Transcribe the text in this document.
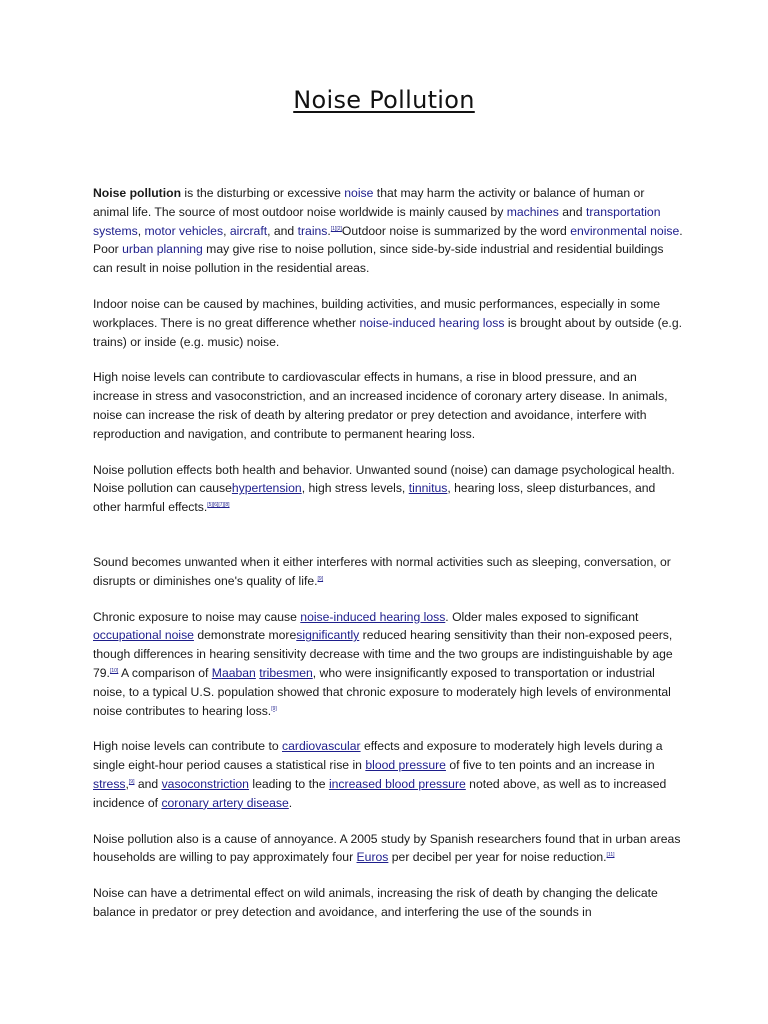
Noise Pollution

Noise pollution is the disturbing or excessive noise that may harm the activity or balance of human or animal life. The source of most outdoor noise worldwide is mainly caused by machines and transportation systems, motor vehicles, aircraft, and trains.[1][2]Outdoor noise is summarized by the word environmental noise. Poor urban planning may give rise to noise pollution, since side-by-side industrial and residential buildings can result in noise pollution in the residential areas.

Indoor noise can be caused by machines, building activities, and music performances, especially in some workplaces. There is no great difference whether noise-induced hearing loss is brought about by outside (e.g. trains) or inside (e.g. music) noise.

High noise levels can contribute to cardiovascular effects in humans, a rise in blood pressure, and an increase in stress and vasoconstriction, and an increased incidence of coronary artery disease. In animals, noise can increase the risk of death by altering predator or prey detection and avoidance, interfere with reproduction and navigation, and contribute to permanent hearing loss.

Noise pollution effects both health and behavior. Unwanted sound (noise) can damage psychological health. Noise pollution can causehypertension, high stress levels, tinnitus, hearing loss, sleep disturbances, and other harmful effects.[5][6][7][8]

Sound becomes unwanted when it either interferes with normal activities such as sleeping, conversation, or disrupts or diminishes one's quality of life.[9]

Chronic exposure to noise may cause noise-induced hearing loss. Older males exposed to significant occupational noise demonstrate moresignificantly reduced hearing sensitivity than their non-exposed peers, though differences in hearing sensitivity decrease with time and the two groups are indistinguishable by age 79.[10] A comparison of Maaban tribesmen, who were insignificantly exposed to transportation or industrial noise, to a typical U.S. population showed that chronic exposure to moderately high levels of environmental noise contributes to hearing loss.[9]

High noise levels can contribute to cardiovascular effects and exposure to moderately high levels during a single eight-hour period causes a statistical rise in blood pressure of five to ten points and an increase in stress,[9] and vasoconstriction leading to the increased blood pressure noted above, as well as to increased incidence of coronary artery disease.

Noise pollution also is a cause of annoyance. A 2005 study by Spanish researchers found that in urban areas households are willing to pay approximately four Euros per decibel per year for noise reduction.[11]

Noise can have a detrimental effect on wild animals, increasing the risk of death by changing the delicate balance in predator or prey detection and avoidance, and interfering the use of the sounds in
